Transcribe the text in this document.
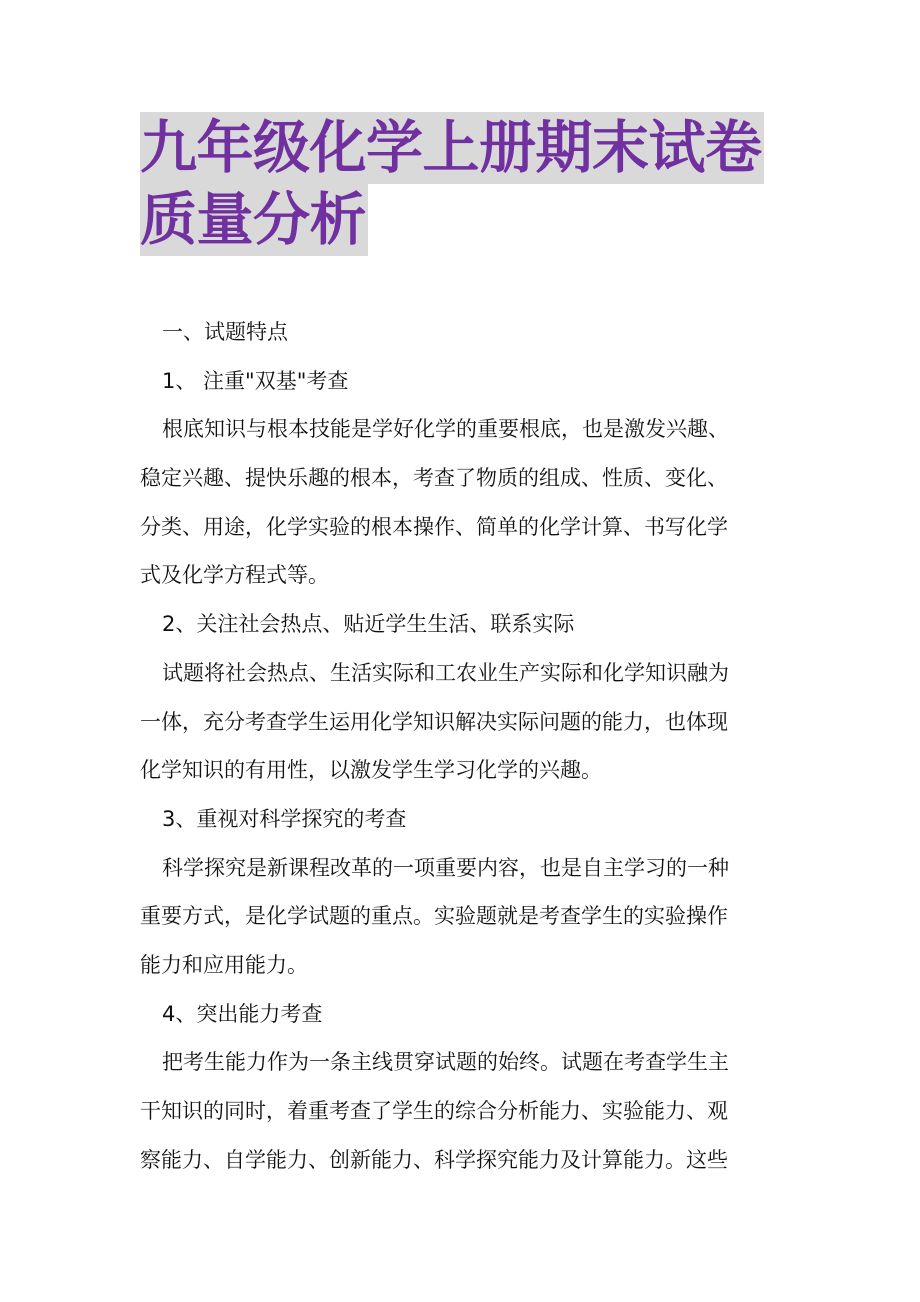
九年级化学上册期末试卷
质量分析
一、试题特点
1、 注重"双基"考查
根底知识与根本技能是学好化学的重要根底，也是激发兴趣、
稳定兴趣、提快乐趣的根本，考查了物质的组成、性质、变化、
分类、用途，化学实验的根本操作、简单的化学计算、书写化学
式及化学方程式等。
2、关注社会热点、贴近学生生活、联系实际
试题将社会热点、生活实际和工农业生产实际和化学知识融为
一体，充分考查学生运用化学知识解决实际问题的能力，也体现
化学知识的有用性，以激发学生学习化学的兴趣。
3、重视对科学探究的考查
科学探究是新课程改革的一项重要内容，也是自主学习的一种
重要方式，是化学试题的重点。实验题就是考查学生的实验操作
能力和应用能力。
4、突出能力考查
把考生能力作为一条主线贯穿试题的始终。试题在考查学生主
干知识的同时，着重考查了学生的综合分析能力、实验能力、观
察能力、自学能力、创新能力、科学探究能力及计算能力。这些
